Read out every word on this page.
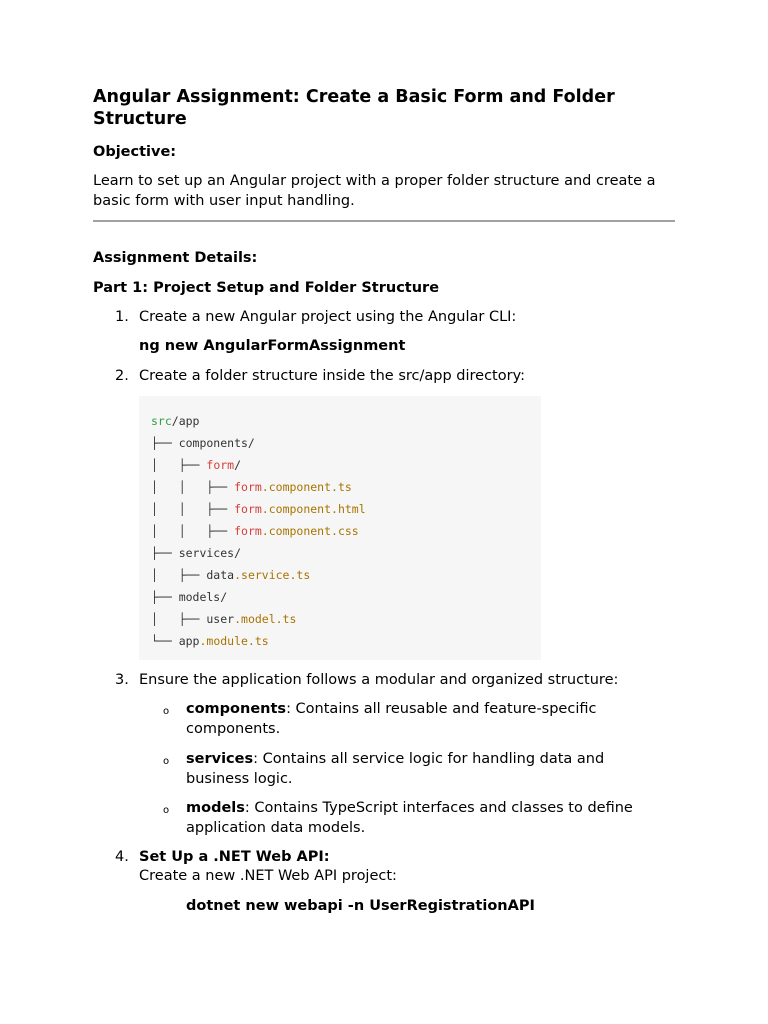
Angular Assignment: Create a Basic Form and Folder Structure
Objective:
Learn to set up an Angular project with a proper folder structure and create a basic form with user input handling.
Assignment Details:
Part 1: Project Setup and Folder Structure
1. Create a new Angular project using the Angular CLI:
ng new AngularFormAssignment
2. Create a folder structure inside the src/app directory:
src/app
├── components/
│   ├── form/
│   │   ├── form.component.ts
│   │   ├── form.component.html
│   │   ├── form.component.css
├── services/
│   ├── data.service.ts
├── models/
│   ├── user.model.ts
└── app.module.ts
3. Ensure the application follows a modular and organized structure:
o components: Contains all reusable and feature-specific components.
o services: Contains all service logic for handling data and business logic.
o models: Contains TypeScript interfaces and classes to define application data models.
4. Set Up a .NET Web API:
Create a new .NET Web API project:
dotnet new webapi -n UserRegistrationAPI
